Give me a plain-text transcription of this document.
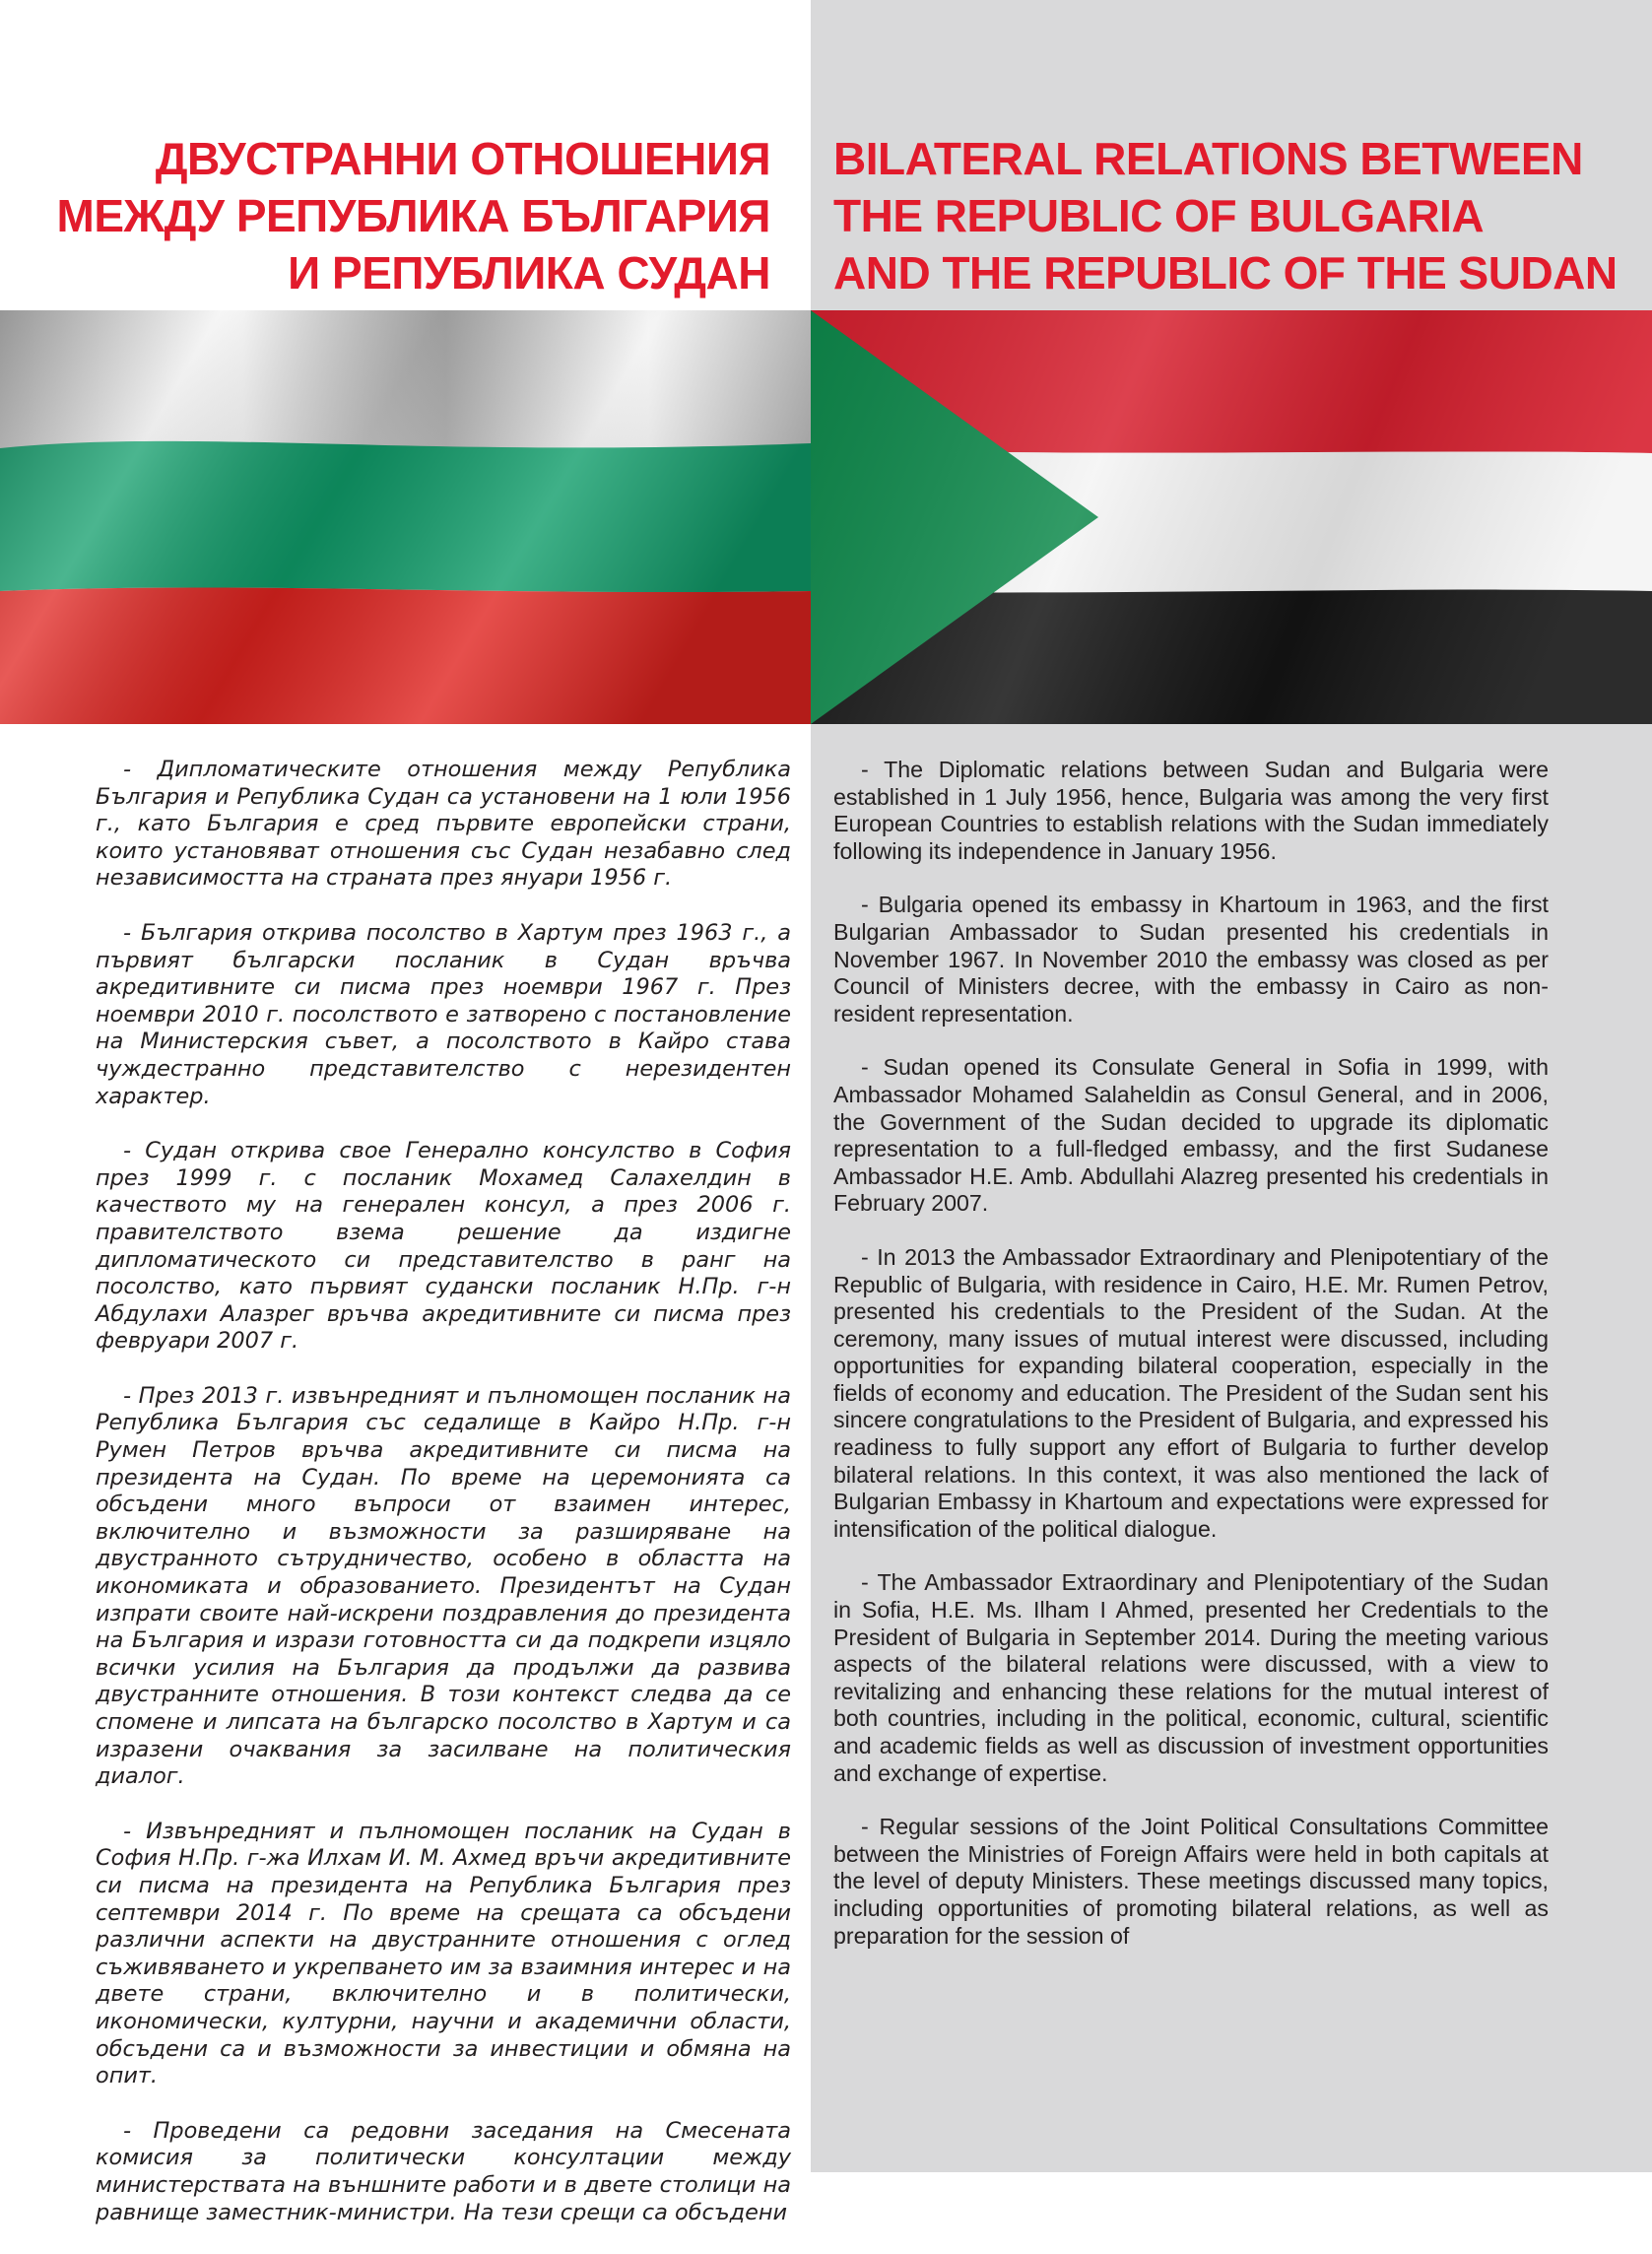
ДВУСТРАННИ ОТНОШЕНИЯ
МЕЖДУ РЕПУБЛИКА БЪЛГАРИЯ
И РЕПУБЛИКА СУДАН
BILATERAL RELATIONS BETWEEN
THE REPUBLIC OF BULGARIA
AND THE REPUBLIC OF THE SUDAN

- Дипломатическите отношения между Република България и Република Судан са установени на 1 юли 1956 г., като България е сред първите европейски страни, които установяват отношения със Судан незабавно след независимостта на страната през януари 1956 г.

- България открива посолство в Хартум през 1963 г., а първият български посланик в Судан връчва акредитивните си писма през ноември 1967 г. През ноември 2010 г. посолството е затворено с постановление на Министерския съвет, а посолството в Кайро става чуждестранно представителство с нерезидентен характер.

- Судан открива свое Генерално консулство в София през 1999 г. с посланик Мохамед Салахелдин в качеството му на генерален консул, а през 2006 г. правителството взема решение да издигне дипломатическото си представителство в ранг на посолство, като първият судански посланик Н.Пр. г-н Абдулахи Алазрег връчва акредитивните си писма през февруари 2007 г.

- През 2013 г. извънредният и пълномощен посланик на Република България със седалище в Кайро Н.Пр. г-н Румен Петров връчва акредитивните си писма на президента на Судан. По време на церемонията са обсъдени много въпроси от взаимен интерес, включително и възможности за разширяване на двустранното сътрудничество, особено в областта на икономиката и образованието. Президентът на Судан изпрати своите най-искрени поздравления до президента на България и изрази готовността си да подкрепи изцяло всички усилия на България да продължи да развива двустранните отношения. В този контекст следва да се спомене и липсата на българско посолство в Хартум и са изразени очаквания за засилване на политическия диалог.

- Извънредният и пълномощен посланик на Судан в София Н.Пр. г-жа Илхам И. М. Ахмед връчи акредитивните си писма на президента на Република България през септември 2014 г. По време на срещата са обсъдени различни аспекти на двустранните отношения с оглед съживяването и укрепването им за взаимния интерес и на двете страни, включително и в политически, икономически, културни, научни и академични области, обсъдени са и възможности за инвестиции и обмяна на опит.

- Проведени са редовни заседания на Смесената комисия за политически консултации между министерствата на външните работи и в двете столици на равнище заместник-министри. На тези срещи са обсъдени

- The Diplomatic relations between Sudan and Bulgaria were established in 1 July 1956, hence, Bulgaria was among the very first European Countries to establish relations with the Sudan immediately following its independence in January 1956.

- Bulgaria opened its embassy in Khartoum in 1963, and the first Bulgarian Ambassador to Sudan presented his credentials in November 1967. In November 2010 the embassy was closed as per Council of Ministers decree, with the embassy in Cairo as non- resident representation.

- Sudan opened its Consulate General in Sofia in 1999, with Ambassador Mohamed Salaheldin as Consul General, and in 2006, the Government of the Sudan decided to upgrade its diplomatic representation to a full-fledged embassy, and the first Sudanese Ambassador H.E. Amb. Abdullahi Alazreg presented his credentials in February 2007.

- In 2013 the Ambassador Extraordinary and Plenipotentiary of the Republic of Bulgaria, with residence in Cairo, H.E. Mr. Rumen Petrov, presented his credentials to the President of the Sudan. At the ceremony, many issues of mutual interest were discussed, including opportunities for expanding bilateral cooperation, especially in the fields of economy and education. The President of the Sudan sent his sincere congratulations to the President of Bulgaria, and expressed his readiness to fully support any effort of Bulgaria to further develop bilateral relations. In this context, it was also mentioned the lack of Bulgarian Embassy in Khartoum and expectations were expressed for intensification of the political dialogue.

- The Ambassador Extraordinary and Plenipotentiary of the Sudan in Sofia, H.E. Ms. Ilham I Ahmed, presented her Credentials to the President of Bulgaria in September 2014. During the meeting various aspects of the bilateral relations were discussed, with a view to revitalizing and enhancing these relations for the mutual interest of both countries, including in the political, economic, cultural, scientific and academic fields as well as discussion of investment opportunities and exchange of expertise.

- Regular sessions of the Joint Political Consultations Committee between the Ministries of Foreign Affairs were held in both capitals at the level of deputy Ministers. These meetings discussed many topics, including opportunities of promoting bilateral relations, as well as preparation for the session of
